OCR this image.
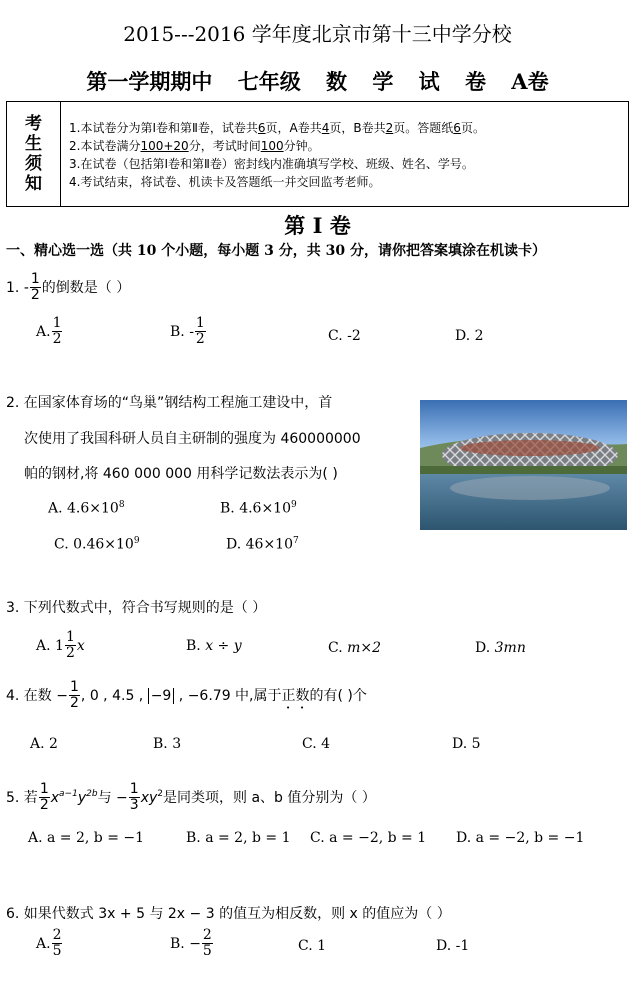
2015---2016 学年度北京市第十三中学分校
第一学期期中 七年级 数 学 试 卷 A卷
考
生
须
知
1.本试卷分为第Ⅰ卷和第Ⅱ卷，试卷共6页，A卷共4页，B卷共2页。答题纸6页。
2.本试卷满分100+20分，考试时间100分钟。
3.在试卷（包括第Ⅰ卷和第Ⅱ卷）密封线内准确填写学校、班级、姓名、学号。
4.考试结束，将试卷、机读卡及答题纸一并交回监考老师。
第 I 卷
一、精心选一选（共 10 个小题，每小题 3 分，共 30 分，请你把答案填涂在机读卡）
1. - $\frac{1}{2}$ 的倒数是（ ）
A. $\frac{1}{2}$	B. - $\frac{1}{2}$	C. -2	D. 2
2. 在国家体育场的“鸟巢”钢结构工程施工建设中，首
次使用了我国科研人员自主研制的强度为 460000000
帕的钢材,将 460 000 000 用科学记数法表示为( )
A. $4.6\times 10^8$	B. $4.6\times 10^9$
C. $0.46\times 10^9$	D. $46\times 10^7$
3. 下列代数式中，符合书写规则的是（ ）
A. $1 \frac{1}{2}$ x	B. x ÷ y	C. m×2	D. 3mn
4. 在数 − $\frac{1}{2}$ , 0 , 4.5 , −9 , −6.79 中,属于正数的有( )个
A. 2	B. 3	C. 4	D. 5
5. 若 $\frac{1}{2} x^{a-1}y^{2b}$与 − $\frac{1}{3} xy^2$是同类项，则 a、b 值分别为（ ）
A. a = 2, b = −1	B. a = 2, b = 1 C. a = −2, b = 1 D. a = −2, b = −1
6. 如果代数式 3x + 5 与 2x − 3 的值互为相反数，则 x 的值应为（ ）
A. $\frac{2}{5}$	B. − $\frac{2}{5}$	C. 1	D. -1
